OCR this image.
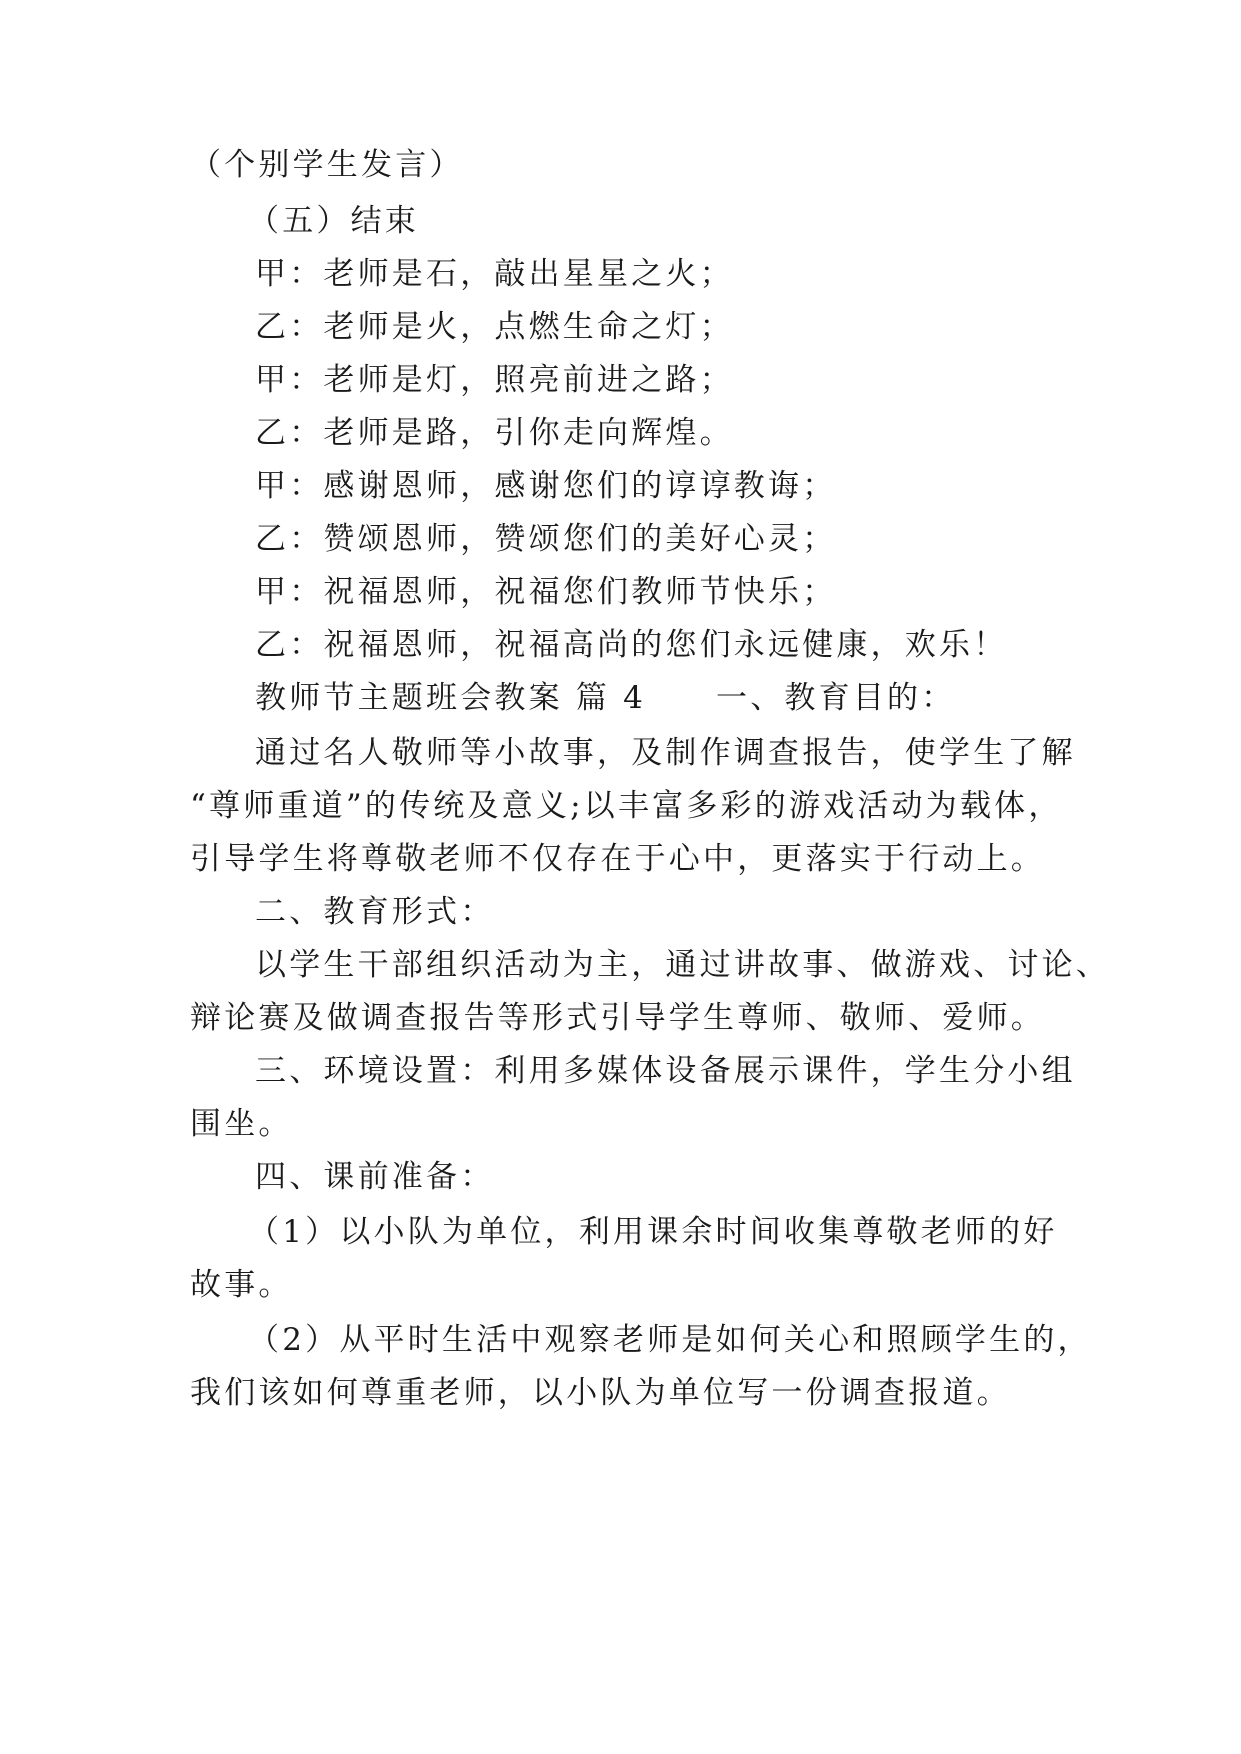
（个别学生发言）
（五）结束
甲：老师是石，敲出星星之火；
乙：老师是火，点燃生命之灯；
甲：老师是灯，照亮前进之路；
乙：老师是路，引你走向辉煌。
甲：感谢恩师，感谢您们的谆谆教诲；
乙：赞颂恩师，赞颂您们的美好心灵；
甲：祝福恩师，祝福您们教师节快乐；
乙：祝福恩师，祝福高尚的您们永远健康，欢乐！
教师节主题班会教案 篇 4 一、教育目的：
通过名人敬师等小故事，及制作调查报告，使学生了解
“尊师重道”的传统及意义;以丰富多彩的游戏活动为载体，
引导学生将尊敬老师不仅存在于心中，更落实于行动上。
二、教育形式：
以学生干部组织活动为主，通过讲故事、做游戏、讨论、
辩论赛及做调查报告等形式引导学生尊师、敬师、爱师。
三、环境设置：利用多媒体设备展示课件，学生分小组
围坐。
四、课前准备：
（1）以小队为单位，利用课余时间收集尊敬老师的好
故事。
（2）从平时生活中观察老师是如何关心和照顾学生的，
我们该如何尊重老师，以小队为单位写一份调查报道。
